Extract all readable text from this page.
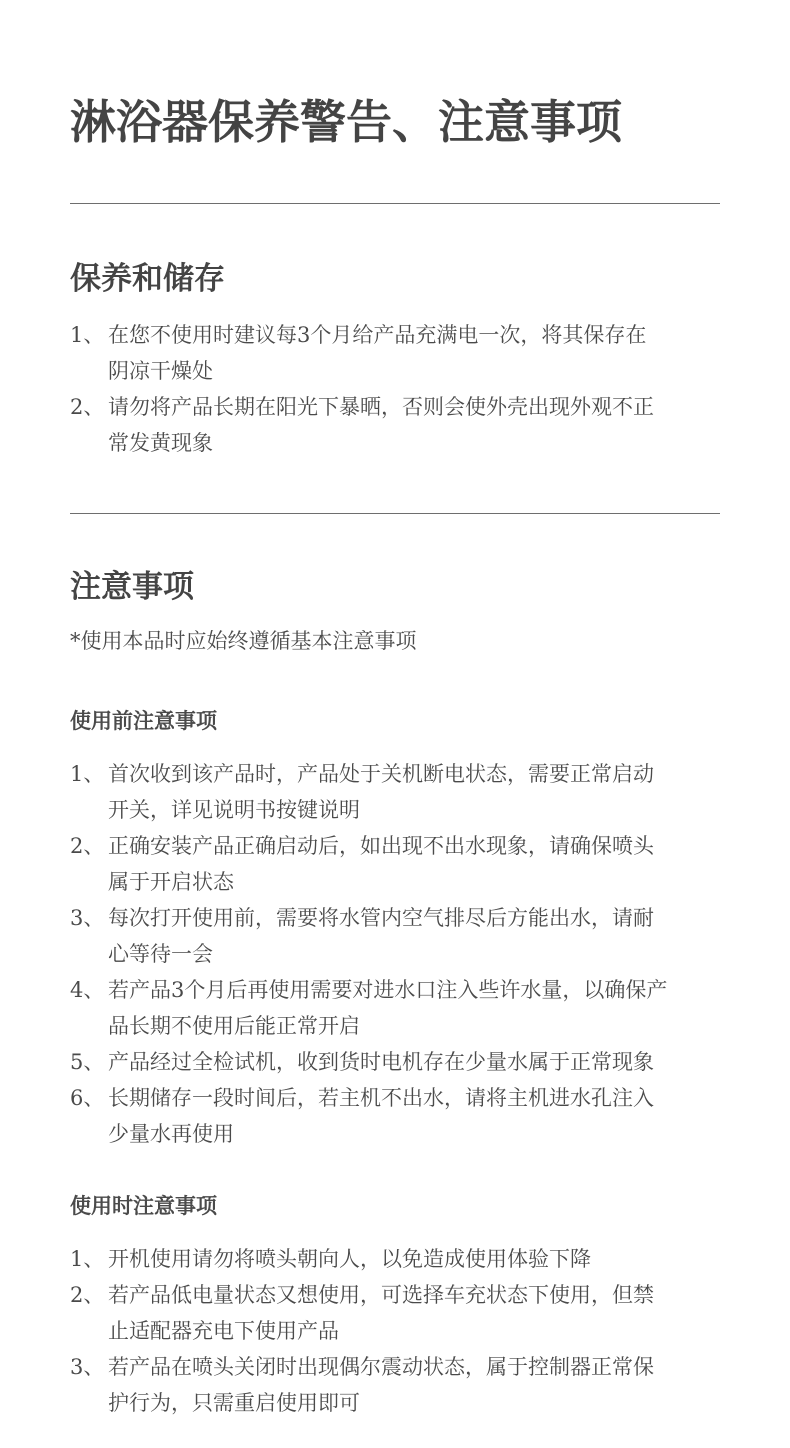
淋浴器保养警告、注意事项
保养和储存
1、 在您不使用时建议每3个月给产品充满电一次，将其保存在
阴凉干燥处
2、 请勿将产品长期在阳光下暴晒，否则会使外壳出现外观不正
常发黄现象
注意事项

*使用本品时应始终遵循基本注意事项

使用前注意事项
1、 首次收到该产品时，产品处于关机断电状态，需要正常启动
开关，详见说明书按键说明
2、 正确安装产品正确启动后，如出现不出水现象，请确保喷头
属于开启状态
3、 每次打开使用前，需要将水管内空气排尽后方能出水，请耐
心等待一会
4、 若产品3个月后再使用需要对进水口注入些许水量，以确保产
品长期不使用后能正常开启
5、 产品经过全检试机，收到货时电机存在少量水属于正常现象
6、 长期储存一段时间后，若主机不出水，请将主机进水孔注入
少量水再使用
使用时注意事项
1、 开机使用请勿将喷头朝向人，以免造成使用体验下降
2、 若产品低电量状态又想使用，可选择车充状态下使用，但禁
止适配器充电下使用产品
3、 若产品在喷头关闭时出现偶尔震动状态，属于控制器正常保
护行为，只需重启使用即可
